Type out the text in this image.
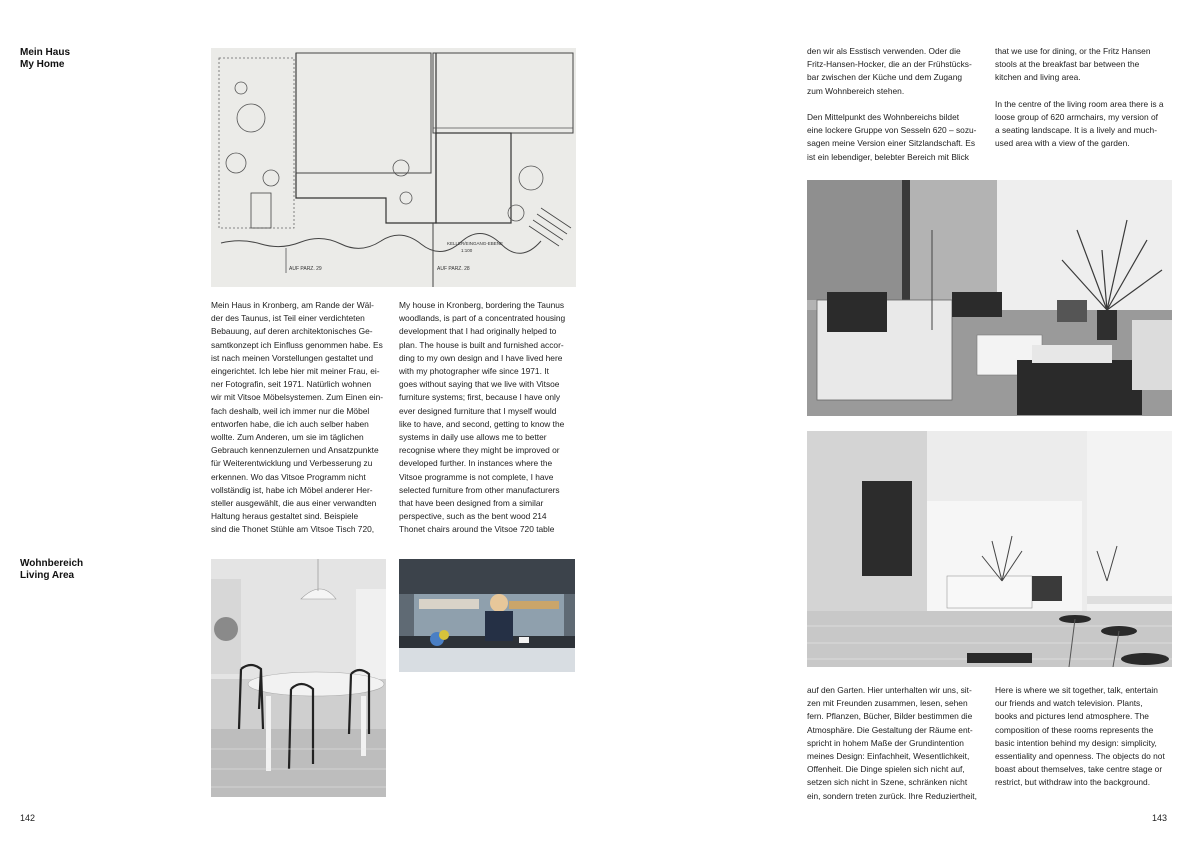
Mein Haus
My Home
KELLER/EINGANG-EBENE
1:100
AUF PARZ. 29	AUF PARZ. 28

Mein Haus in Kronberg, am Rande der Wäl-

der des Taunus, ist Teil einer verdichteten

Bebauung, auf deren architektonisches Ge-

samtkonzept ich Einfluss genommen habe. Es

ist nach meinen Vorstellungen gestaltet und

eingerichtet. Ich lebe hier mit meiner Frau, ei-

ner Fotografin, seit 1971. Natürlich wohnen

wir mit Vitsoe Möbelsystemen. Zum Einen ein-

fach deshalb, weil ich immer nur die Möbel

entworfen habe, die ich auch selber haben

wollte. Zum Anderen, um sie im täglichen

Gebrauch kennenzulernen und Ansatzpunkte

für Weiterentwicklung und Verbesserung zu

erkennen. Wo das Vitsoe Programm nicht

vollständig ist, habe ich Möbel anderer Her-

steller ausgewählt, die aus einer verwandten

Haltung heraus gestaltet sind. Beispiele

sind die Thonet Stühle am Vitsoe Tisch 720,

My house in Kronberg, bordering the Taunus

woodlands, is part of a concentrated housing

development that I had originally helped to

plan. The house is built and furnished accor-

ding to my own design and I have lived here

with my photographer wife since 1971. It

goes without saying that we live with Vitsoe

furniture systems; first, because I have only

ever designed furniture that I myself would

like to have, and second, getting to know the

systems in daily use allows me to better

recognise where they might be improved or

developed further. In instances where the

Vitsoe programme is not complete, I have

selected furniture from other manufacturers

that have been designed from a similar

perspective, such as the bent wood 214

Thonet chairs around the Vitsoe 720 table

Wohnbereich
Living Area
142

den wir als Esstisch verwenden. Oder die

Fritz-Hansen-Hocker, die an der Frühstücks-

bar zwischen der Küche und dem Zugang

zum Wohnbereich stehen.

Den Mittelpunkt des Wohnbereichs bildet

eine lockere Gruppe von Sesseln 620 – sozu-

sagen meine Version einer Sitzlandschaft. Es

ist ein lebendiger, belebter Bereich mit Blick

that we use for dining, or the Fritz Hansen

stools at the breakfast bar between the

kitchen and living area.

In the centre of the living room area there is a

loose group of 620 armchairs, my version of

a seating landscape. It is a lively and much-

used area with a view of the garden.

auf den Garten. Hier unterhalten wir uns, sit-

zen mit Freunden zusammen, lesen, sehen

fern. Pflanzen, Bücher, Bilder bestimmen die

Atmosphäre. Die Gestaltung der Räume ent-

spricht in hohem Maße der Grundintention

meines Design: Einfachheit, Wesentlichkeit,

Offenheit. Die Dinge spielen sich nicht auf,

setzen sich nicht in Szene, schränken nicht

ein, sondern treten zurück. Ihre Reduziertheit,

Here is where we sit together, talk, entertain

our friends and watch television. Plants,

books and pictures lend atmosphere. The

composition of these rooms represents the

basic intention behind my design: simplicity,

essentiality and openness. The objects do not

boast about themselves, take centre stage or

restrict, but withdraw into the background.

143
